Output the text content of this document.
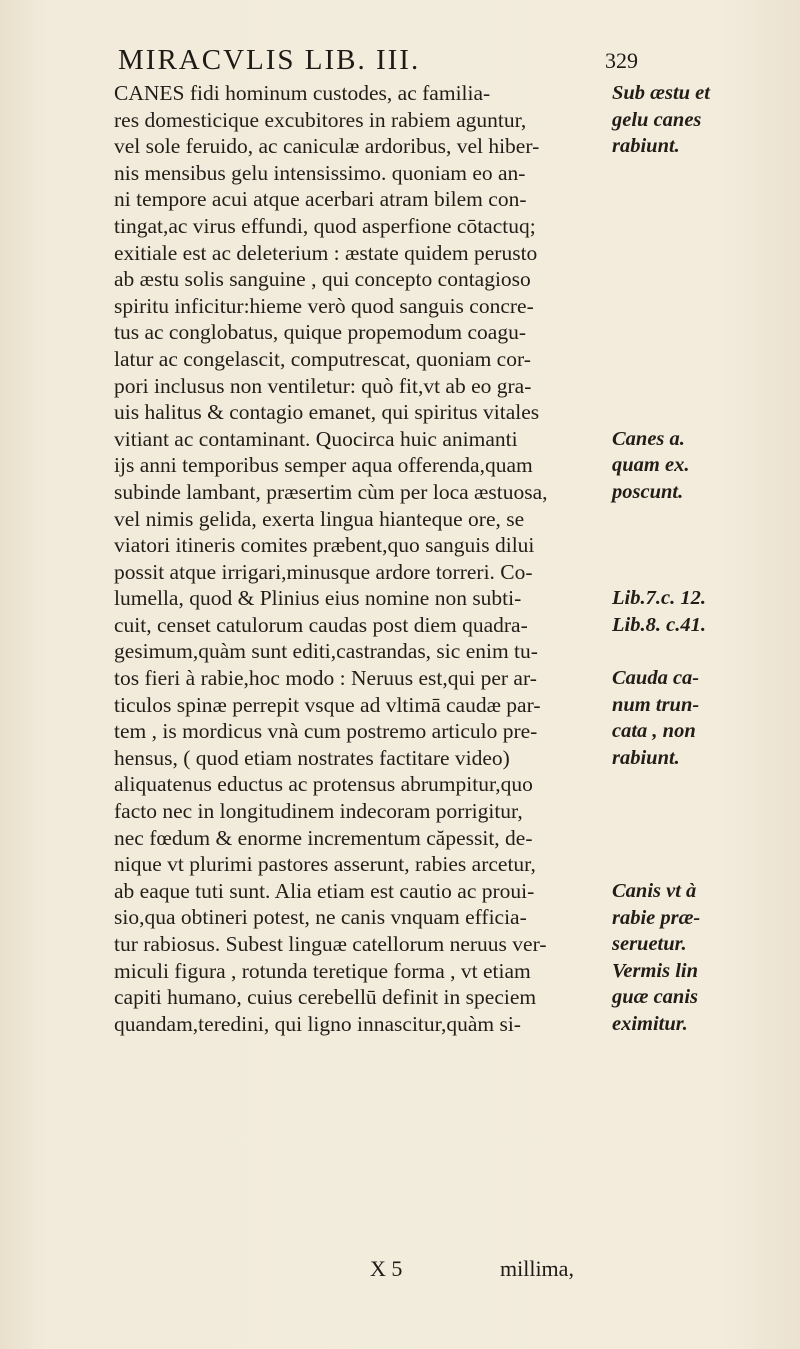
MIRACVLIS LIB. III.	329
CANES fidi hominum custodes, ac familia-
res domesticique excubitores in rabiem aguntur,
vel sole feruido, ac caniculæ ardoribus, vel hiber-
nis mensibus gelu intensissimo. quoniam eo an-
ni tempore acui atque acerbari atram bilem con-
tingat,ac virus effundi, quod asperfione cōtactuq;
exitiale est ac deleterium : æstate quidem perusto
ab æstu solis sanguine , qui concepto contagioso
spiritu inficitur:hieme verò quod sanguis concre-
tus ac conglobatus, quique propemodum coagu-
latur ac congelascit, computrescat, quoniam cor-
pori inclusus non ventiletur: quò fit,vt ab eo gra-
uis halitus & contagio emanet, qui spiritus vitales
vitiant ac contaminant. Quocirca huic animanti
ijs anni temporibus semper aqua offerenda,quam
subinde lambant, præsertim cùm per loca æstuosa,
vel nimis gelida, exerta lingua hianteque ore, se
viatori itineris comites præbent,quo sanguis dilui
possit atque irrigari,minusque ardore torreri. Co-
lumella, quod & Plinius eius nomine non subti-
cuit, censet catulorum caudas post diem quadra-
gesimum,quàm sunt editi,castrandas, sic enim tu-
tos fieri à rabie,hoc modo : Neruus est,qui per ar-
ticulos spinæ perrepit vsque ad vltimā caudæ par-
tem , is mordicus vnà cum postremo articulo pre-
hensus, ( quod etiam nostrates factitare video)
aliquatenus eductus ac protensus abrumpitur,quo
facto nec in longitudinem indecoram porrigitur,
nec fœdum & enorme incrementum căpessit, de-
nique vt plurimi pastores asserunt, rabies arcetur,
ab eaque tuti sunt. Alia etiam est cautio ac proui-
sio,qua obtineri potest, ne canis vnquam efficia-
tur rabiosus. Subest linguæ catellorum neruus ver-
miculi figura , rotunda teretique forma , vt etiam
capiti humano, cuius cerebellū definit in speciem
quandam,teredini, qui ligno innascitur,quàm si-
Sub æstu et
gelu canes
rabiunt.
Canes a.
quam ex.
poscunt.
Lib.7.c. 12.
Lib.8. c.41.
Cauda ca-
num trun-
cata , non
rabiunt.
Canis vt à
rabie præ-
seruetur.
Vermis lin
guæ canis
eximitur.
X 5	millima,
